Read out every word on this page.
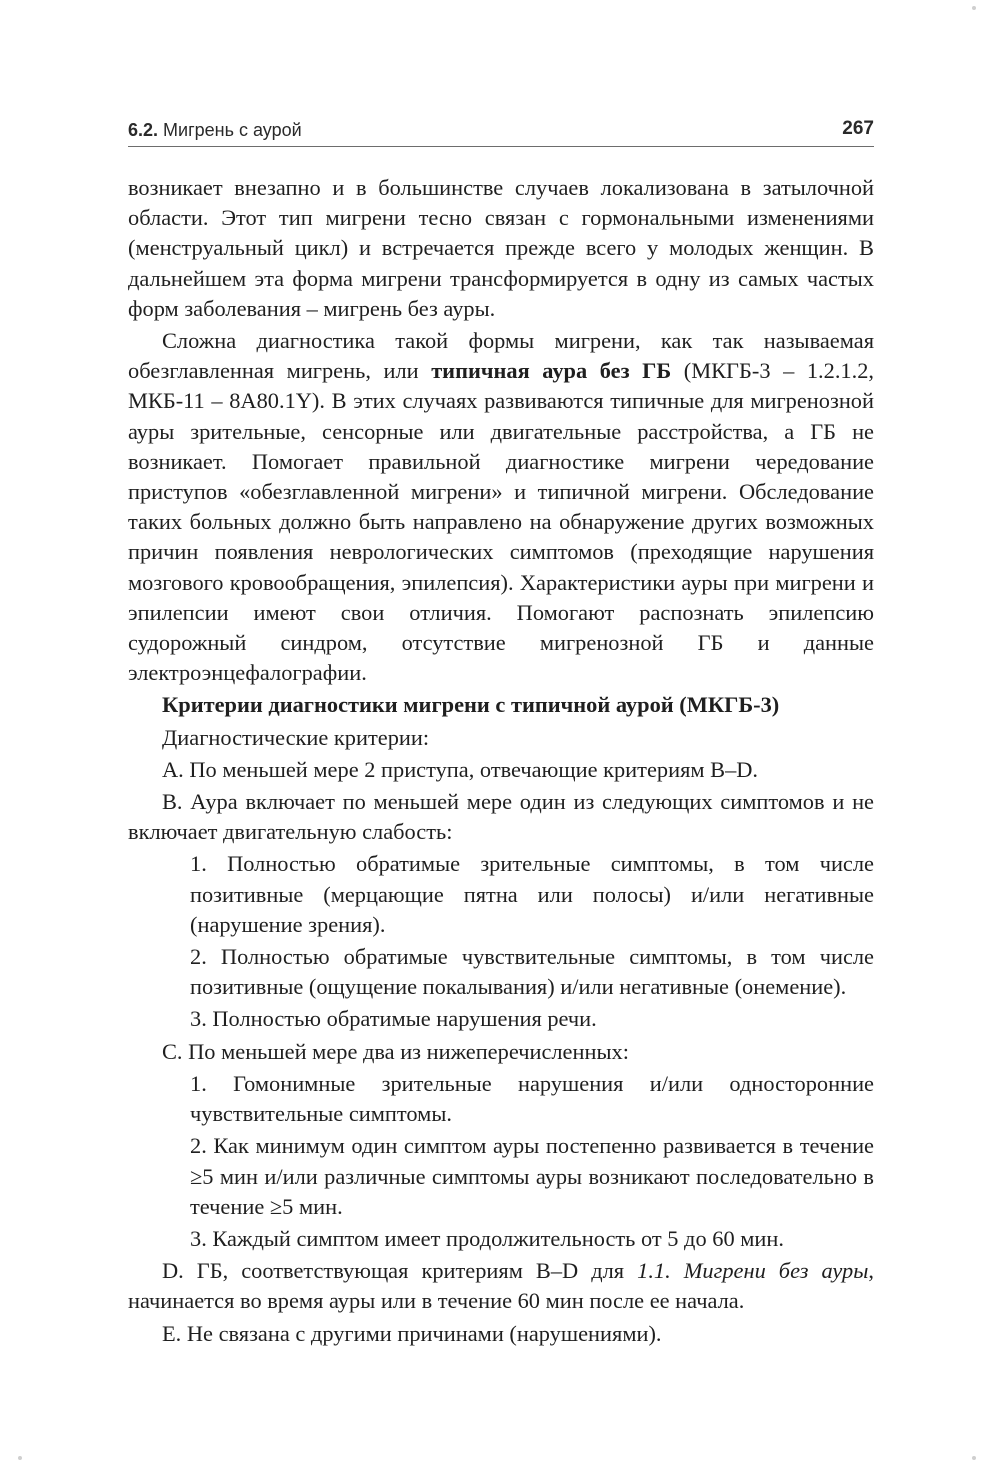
6.2. Мигрень с аурой	267

возникает внезапно и в большинстве случаев локализована в затылочной области. Этот тип мигрени тесно связан с гормональными изменениями (менструальный цикл) и встречается прежде всего у молодых женщин. В дальнейшем эта форма мигрени трансформируется в одну из самых частых форм заболевания – мигрень без ауры.

Сложна диагностика такой формы мигрени, как так называемая обезглавленная мигрень, или типичная аура без ГБ (МКГБ-3 – 1.2.1.2, МКБ-11 – 8A80.1Y). В этих случаях развиваются типичные для мигренозной ауры зрительные, сенсорные или двигательные расстройства, а ГБ не возникает. Помогает правильной диагностике мигрени чередование приступов «обезглавленной мигрени» и типичной мигрени. Обследование таких больных должно быть направлено на обнаружение других возможных причин появления неврологических симптомов (преходящие нарушения мозгового кровообращения, эпилепсия). Характеристики ауры при мигрени и эпилепсии имеют свои отличия. Помогают распознать эпилепсию судорожный синдром, отсутствие мигренозной ГБ и данные электроэнцефалографии.

Критерии диагностики мигрени с типичной аурой (МКГБ-3)

Диагностические критерии:

A. По меньшей мере 2 приступа, отвечающие критериям B–D.

B. Аура включает по меньшей мере один из следующих симптомов и не включает двигательную слабость:

1. Полностью обратимые зрительные симптомы, в том числе позитивные (мерцающие пятна или полосы) и/или негативные (нарушение зрения).

2. Полностью обратимые чувствительные симптомы, в том числе позитивные (ощущение покалывания) и/или негативные (онемение).

3. Полностью обратимые нарушения речи.

C. По меньшей мере два из нижеперечисленных:

1. Гомонимные зрительные нарушения и/или односторонние чувствительные симптомы.

2. Как минимум один симптом ауры постепенно развивается в течение ≥5 мин и/или различные симптомы ауры возникают последовательно в течение ≥5 мин.

3. Каждый симптом имеет продолжительность от 5 до 60 мин.

D. ГБ, соответствующая критериям B–D для 1.1. Мигрени без ауры, начинается во время ауры или в течение 60 мин после ее начала.

E. Не связана с другими причинами (нарушениями).
